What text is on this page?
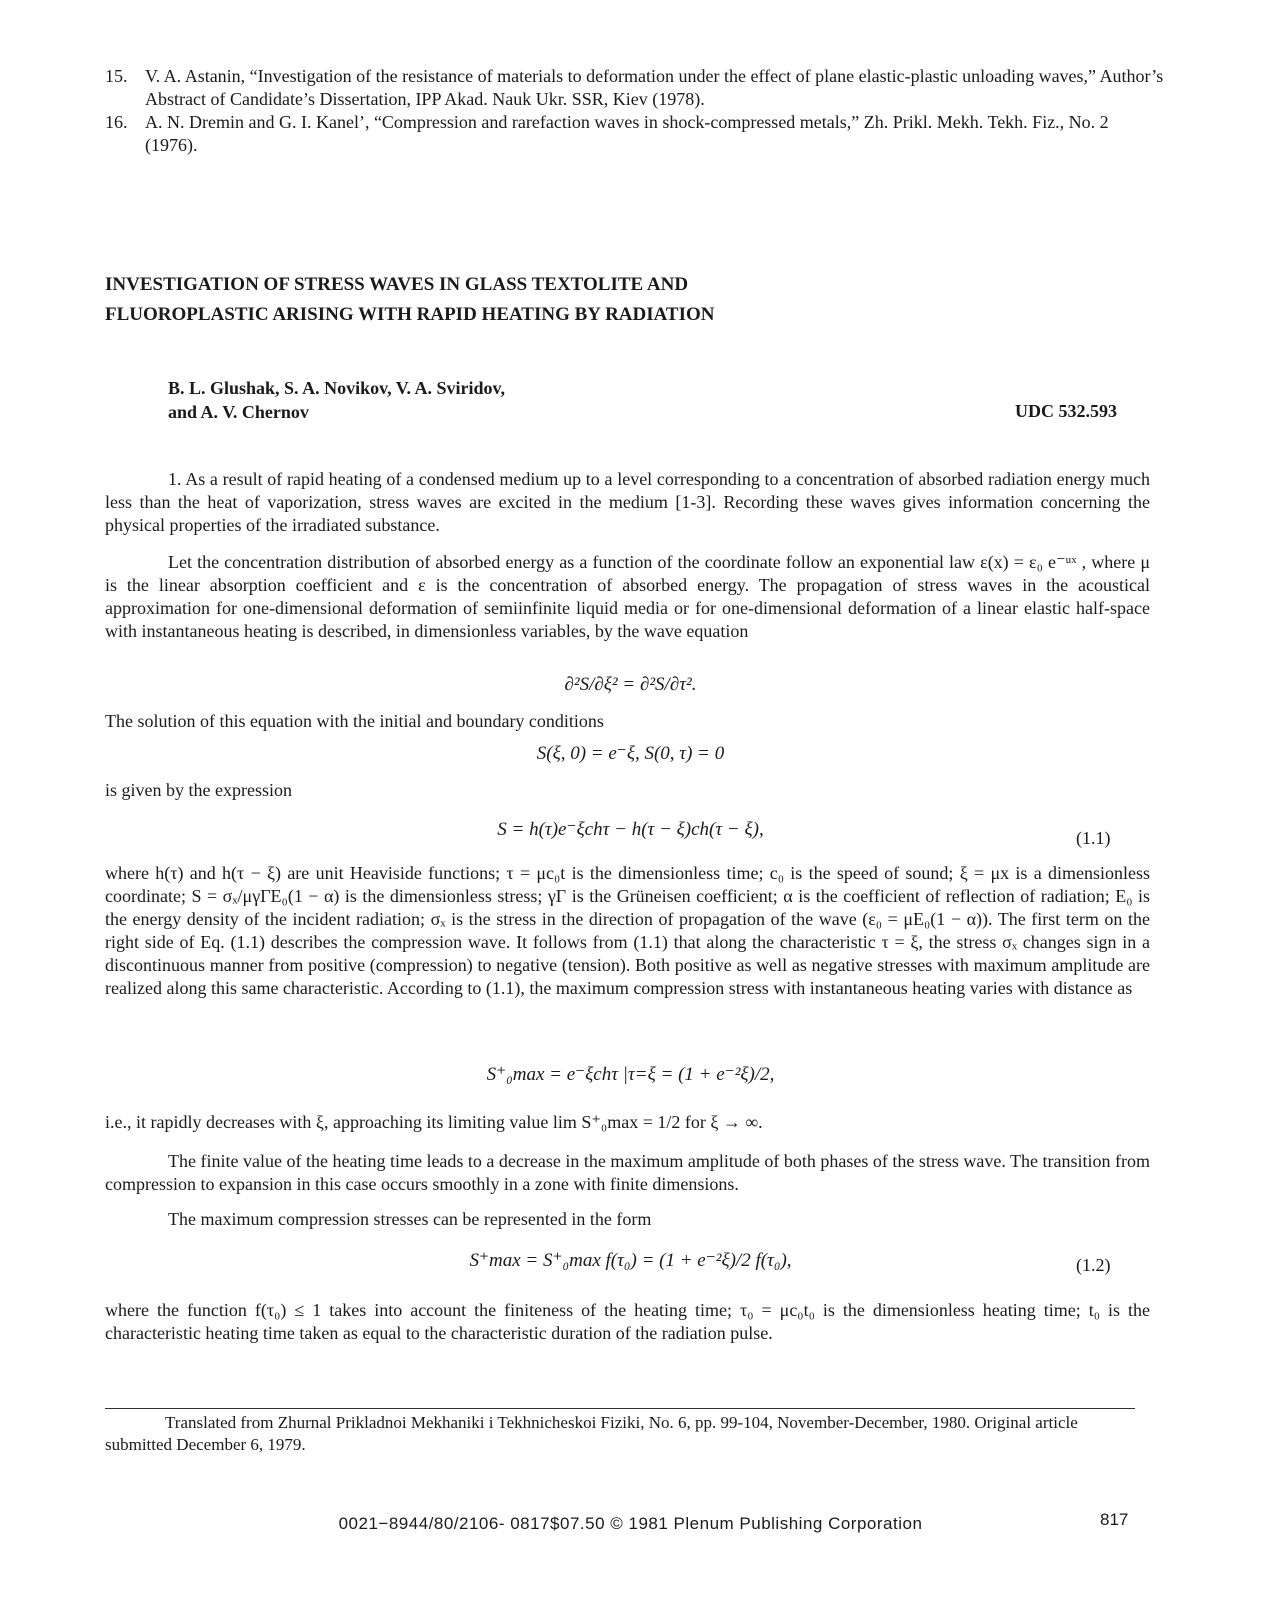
15. V. A. Astanin, “Investigation of the resistance of materials to deformation under the effect of plane elastic-plastic unloading waves,” Author’s Abstract of Candidate’s Dissertation, IPP Akad. Nauk Ukr. SSR, Kiev (1978).
16. A. N. Dremin and G. I. Kanel’, “Compression and rarefaction waves in shock-compressed metals,” Zh. Prikl. Mekh. Tekh. Fiz., No. 2 (1976).
INVESTIGATION OF STRESS WAVES IN GLASS TEXTOLITE AND FLUOROPLASTIC ARISING WITH RAPID HEATING BY RADIATION
B. L. Glushak, S. A. Novikov, V. A. Sviridov,
and A. V. Chernov	UDC 532.593
1. As a result of rapid heating of a condensed medium up to a level corresponding to a concentration of absorbed radiation energy much less than the heat of vaporization, stress waves are excited in the medium [1-3]. Recording these waves gives information concerning the physical properties of the irradiated substance.
Let the concentration distribution of absorbed energy as a function of the coordinate follow an exponential law ε(x) = ε₀ e⁻ᵘˣ , where μ is the linear absorption coefficient and ε is the concentration of absorbed energy. The propagation of stress waves in the acoustical approximation for one-dimensional deformation of semiinfinite liquid media or for one-dimensional deformation of a linear elastic half-space with instantaneous heating is described, in dimensionless variables, by the wave equation
∂²S/∂ξ² = ∂²S/∂τ².
The solution of this equation with the initial and boundary conditions
S(ξ, 0) = e⁻ξ, S(0, τ) = 0
is given by the expression
S = h(τ)e⁻ξchτ − h(τ − ξ)ch(τ − ξ),	(1.1)
where h(τ) and h(τ − ξ) are unit Heaviside functions; τ = μc₀t is the dimensionless time; c₀ is the speed of sound; ξ = μx is a dimensionless coordinate; S = σₓ/μγΓE₀(1 − α) is the dimensionless stress; γΓ is the Grüneisen coefficient; α is the coefficient of reflection of radiation; E₀ is the energy density of the incident radiation; σₓ is the stress in the direction of propagation of the wave (ε₀ = μE₀(1 − α)). The first term on the right side of Eq. (1.1) describes the compression wave. It follows from (1.1) that along the characteristic τ = ξ, the stress σₓ changes sign in a discontinuous manner from positive (compression) to negative (tension). Both positive as well as negative stresses with maximum amplitude are realized along this same characteristic. According to (1.1), the maximum compression stress with instantaneous heating varies with distance as
S⁺₀max = e⁻ξchτ |τ=ξ = (1 + e⁻²ξ)/2,
i.e., it rapidly decreases with ξ, approaching its limiting value lim S⁺₀max = 1/2 for ξ → ∞.
The finite value of the heating time leads to a decrease in the maximum amplitude of both phases of the stress wave. The transition from compression to expansion in this case occurs smoothly in a zone with finite dimensions.
The maximum compression stresses can be represented in the form
S⁺max = S⁺₀max f(τ₀) = (1 + e⁻²ξ)/2 f(τ₀),	(1.2)
where the function f(τ₀) ≤ 1 takes into account the finiteness of the heating time; τ₀ = μc₀t₀ is the dimensionless heating time; t₀ is the characteristic heating time taken as equal to the characteristic duration of the radiation pulse.
Translated from Zhurnal Prikladnoi Mekhaniki i Tekhnicheskoi Fiziki, No. 6, pp. 99-104, November-December, 1980. Original article submitted December 6, 1979.
0021−8944/80/2106- 0817$07.50 © 1981 Plenum Publishing Corporation	817
